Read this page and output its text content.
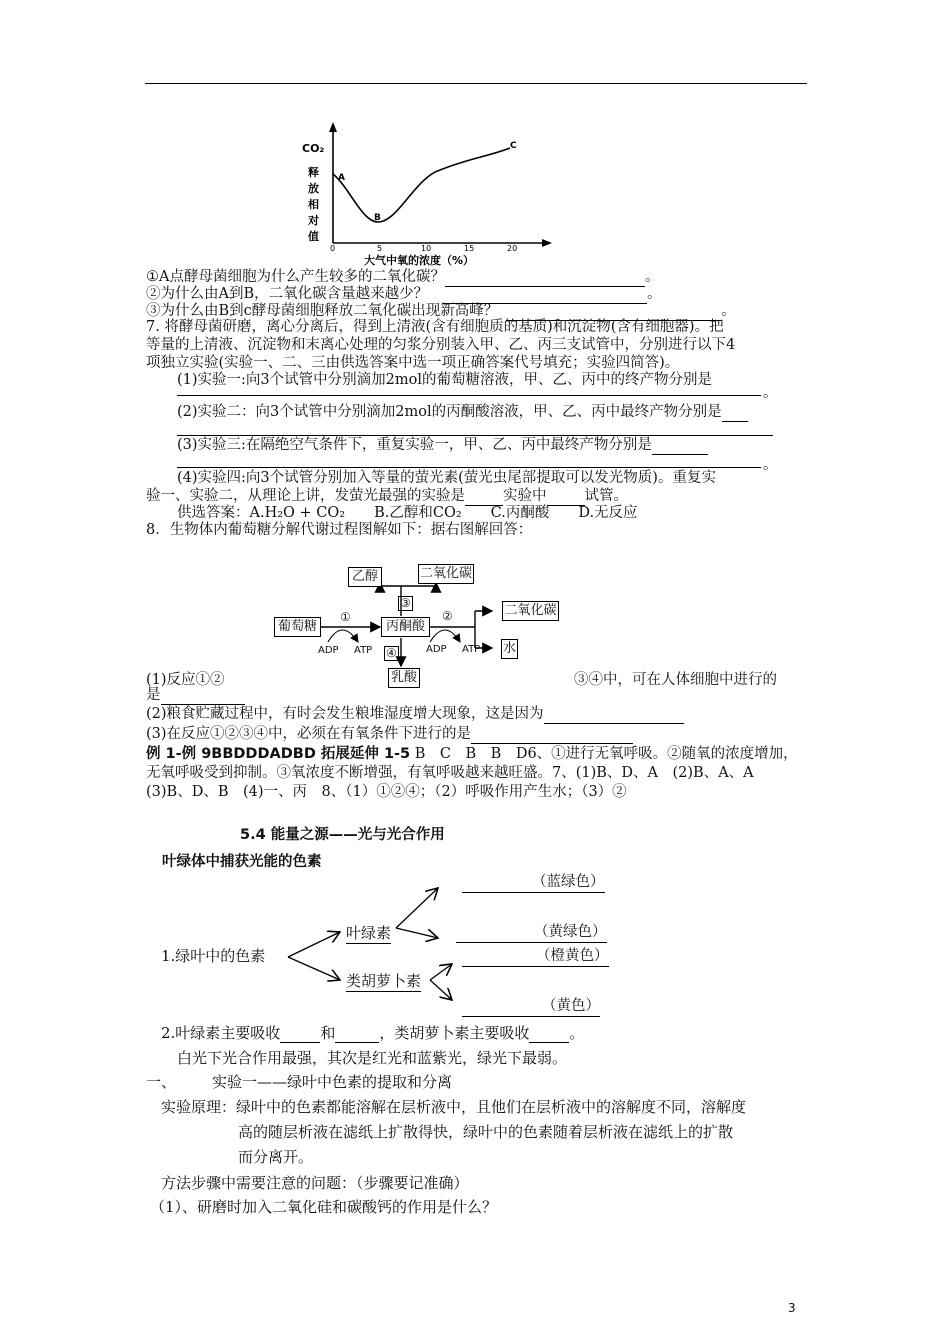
CO₂
释
放
相
对
值
0	5	10	15	20
大气中氧的浓度（%）
A
B
C
①A点酵母菌细胞为什么产生较多的二氧化碳？	。
②为什么由A到B，二氧化碳含量越来越少？	。
③为什么由B到c酵母菌细胞释放二氧化碳出现新高峰？	。
7. 将酵母菌研磨，离心分离后，得到上清液(含有细胞质的基质)和沉淀物(含有细胞器)。把
等量的上清液、沉淀物和末离心处理的匀浆分别装入甲、乙、丙三支试管中，分别进行以下4
项独立实验(实验一、二、三由供选答案中选一项正确答案代号填充；实验四简答)。
(1)实验一:向3个试管中分别滴加2mol的葡萄糖溶液，甲、乙、丙中的终产物分别是
。
(2)实验二：向3个试管中分别滴加2mol的丙酮酸溶液，甲、乙、丙中最终产物分别是
(3)实验三:在隔绝空气条件下，重复实验一，甲、乙、丙中最终产物分别是
。
(4)实验四:向3个试管分别加入等量的萤光素(萤光虫尾部提取可以发光物质)。重复实
验一、实验二，从理论上讲，发萤光最强的实验是	实验中	试管。
供选答案：A.H₂O + CO₂　　B.乙醇和CO₂　　C.丙酮酸　　D.无反应
8．生物体内葡萄糖分解代谢过程图解如下：据右图解回答：
乙醇	二氧化碳
葡萄糖	丙酮酸
二氧化碳
水
乳酸
ADP ATP	ADP ATP
①	②
③
④
(1)反应①②	③④中，可在人体细胞中进行的
是
(2)粮食贮藏过程中，有时会发生粮堆湿度增大现象，这是因为
(3)在反应①②③④中，必须在有氧条件下进行的是
例 1-例 9BBDDDADBD 拓展延伸 1-5 B　C　B　B　D6、①进行无氧呼吸。②随氧的浓度增加，
无氧呼吸受到抑制。③氧浓度不断增强，有氧呼吸越来越旺盛。7、(1)B、D、A　(2)B、A、A
(3)B、D、B　(4)一、丙　8、（1）①②④；（2）呼吸作用产生水；（3）②
5.4 能量之源——光与光合作用
叶绿体中捕获光能的色素
1.绿叶中的色素
叶绿素
类胡萝卜素
（蓝绿色）
（黄绿色）
（橙黄色）
（黄色）
2.叶绿素主要吸收	和	，类胡萝卜素主要吸收	。
白光下光合作用最强，其次是红光和蓝紫光，绿光下最弱。
一、 实验一——绿叶中色素的提取和分离
实验原理：绿叶中的色素都能溶解在层析液中，且他们在层析液中的溶解度不同，溶解度
高的随层析液在滤纸上扩散得快，绿叶中的色素随着层析液在滤纸上的扩散
而分离开。
方法步骤中需要注意的问题：（步骤要记准确）
（1）、研磨时加入二氧化硅和碳酸钙的作用是什么？
3
